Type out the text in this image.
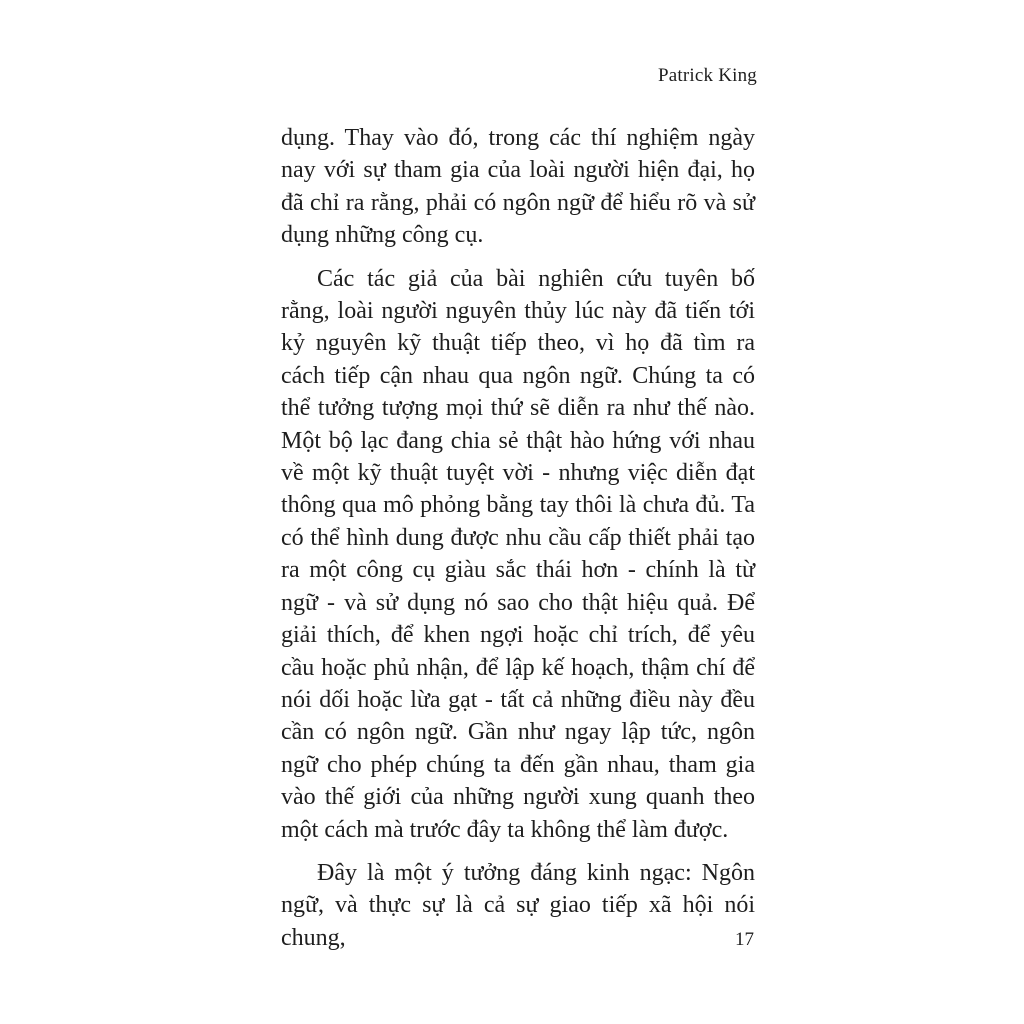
Patrick King

dụng. Thay vào đó, trong các thí nghiệm ngày nay với sự tham gia của loài người hiện đại, họ đã chỉ ra rằng, phải có ngôn ngữ để hiểu rõ và sử dụng những công cụ.

Các tác giả của bài nghiên cứu tuyên bố rằng, loài người nguyên thủy lúc này đã tiến tới kỷ nguyên kỹ thuật tiếp theo, vì họ đã tìm ra cách tiếp cận nhau qua ngôn ngữ. Chúng ta có thể tưởng tượng mọi thứ sẽ diễn ra như thế nào. Một bộ lạc đang chia sẻ thật hào hứng với nhau về một kỹ thuật tuyệt vời - nhưng việc diễn đạt thông qua mô phỏng bằng tay thôi là chưa đủ. Ta có thể hình dung được nhu cầu cấp thiết phải tạo ra một công cụ giàu sắc thái hơn - chính là từ ngữ - và sử dụng nó sao cho thật hiệu quả. Để giải thích, để khen ngợi hoặc chỉ trích, để yêu cầu hoặc phủ nhận, để lập kế hoạch, thậm chí để nói dối hoặc lừa gạt - tất cả những điều này đều cần có ngôn ngữ. Gần như ngay lập tức, ngôn ngữ cho phép chúng ta đến gần nhau, tham gia vào thế giới của những người xung quanh theo một cách mà trước đây ta không thể làm được.

Đây là một ý tưởng đáng kinh ngạc: Ngôn ngữ, và thực sự là cả sự giao tiếp xã hội nói chung,	17
